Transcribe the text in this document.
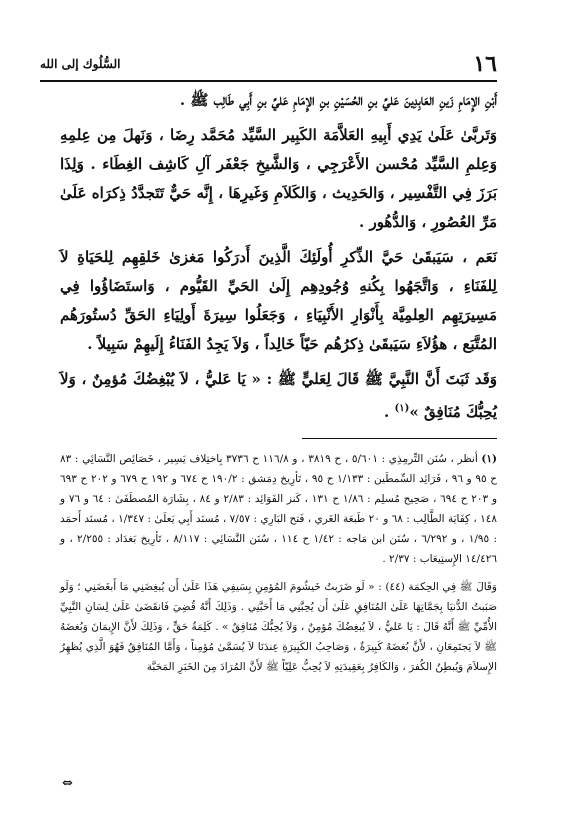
١٦
السُّلُوك إلى الله

أَبْنِ الإِمَامِ زَينِ العَابِدِينَ عَليِّ بنِ الحُسَيْنِ بنِ الإِمَامِ عَليِّ بنِ أَبِي طَالِب ﷺ .

وَتَربَّىٰ عَلَىٰ يَدِي أَبِيهِ العَلاَّمَة الكَبِير السَّيِّد مُحَمَّد رِضَا ، وَنَهلَ مِن عِلمِهِ وَعِلمِ السَّيِّد مُحْسن الأَعْرَجِي ، وَالشَّيخِ جَعْفَر آلِ كَاشِف الغِطَاء . وَلِذَا بَرَزَ فِي التَّفْسِير ، وَالحَدِيث ، وَالكَلاَمِ وَغَيرِهَا ، إِنَّه حَيٌّ تَتَجدَّدُ ذِكرَاه عَلَىٰ مَرِّ العُصُورِ ، وَالدُّهُور .

نَعَم ، سَيَبقَىٰ حَيَّ الذِّكرِ أُولَئِكَ الَّذِينَ أَدرَكُوا مَغزىٰ خَلقِهِم لِلحَيَاةِ لاَ لِلفَنَاءِ ، وَاتَّجَهُوا بِكُنهِ وُجُودِهِم إِلَىٰ الحَيِّ القَيُّوم ، وَاستَضَاؤُوا فِي مَسِيرَتِهِم العِلمِيَّة بِأَنْوَارِ الأَنْبِيَاءِ ، وَجَعَلُوا سِيرَةَ أَولِيَاءِ الحَقِّ دُستُورَهُم المُتَّبَع ، هؤُلاَءِ سَيَبقَىٰ ذِكرُهُم حَيّاً خَالِداً ، وَلاَ يَجِدُ الفَنَاءُ إِلَيهِمْ سَبِيلاً .

وَقَد ثَبَتَ أَنَّ النَّبِيَّ ﷺ قَالَ لِعَليٍّ ﷺ : « يَا عَليُّ ، لاَ يُبْغِضُكَ مُؤمِنٌ ، وَلاَ يُحِبُّكَ مُنَافِقٌ »$^{(١)}$ .

(١) أنظر ، سُنَن التِّرمِذِي : ٥/٦٠١ ، ح ٣٨١٩ ، و ١١٦/٨ ح ٣٧٣٦ بِاختِلاف يَسِير ، خَصَائِص النَّسَائِي : ٨٣ ح ٩٥ و ٩٦ ، فَرَائِد السِّمطَين : ١/١٣٣ ح ٩٥ ، تَأرِيخ دِمَشق : ١٩٠/٢ ح ٦٧٤ و ١٩٢ ح ٦٧٩ و ٢٠٢ ح ٦٩٣ و ٢٠٣ ح ٦٩٤ ، صَحِيح مُسلِم : ١/٨٦ ح ١٣١ ، كَنز الفَوَائِد : ٢/٨٣ و ٨٤ ، بِشَارَة المُصطَفَىٰ : ٦٤ و ٧٦ و ١٤٨ ، كِفَايَة الطَّالِب : ٦٨ و ٢٠ طَبعَة الغَري ، فَتح البَارِي : ٧/٥٧ ، مُسنَد أَبِي يَعلَىٰ : ١/٣٤٧ ، مُسنَد أَحمَد : ١/٩٥ ، و ٦/٢٩٢ ، سُنَن ابن مَاجه : ١/٤٢ ح ١١٤ ، سُنَن النَّسَائِي : ٨/١١٧ ، تَأرِيخ بَغدَاد : ٢/٢٥٥ ، و ١٤/٤٢٦ الإِستِيعَاب : ٢/٣٧ .

وَقَالَ ﷺ فِي الحِكمَة (٤٤) : « لَو ضَرَبتُ خَيشُومَ المُؤمِنِ بِسَيفِي هَذَا عَلَىٰ أَن يُبغِضَنِي مَا أَبغَضَنِي ؛ وَلَو صَبَبتُ الدُّنيَا بِجَمَّاتِهَا عَلَىٰ المُنَافِقِ عَلَىٰ أَن يُحِبَّنِي مَا أَحَبَّنِي . وَذَلِكَ أَنَّهُ قُضِيَ فَانقَضَىٰ عَلَىٰ لِسَانِ النَّبِيِّ الأُمِّيِّ ﷺ أَنَّهُ قَالَ : يَا عَليُّ ، لاَ يُبغِضُكَ مُؤمِنٌ ، وَلاَ يُحِبُّكَ مُنَافِقٌ » . كَلِمَةُ حَقٍّ ، وَذَلِكَ لأَنَّ الإِيمَانَ وَبُغضَهُ ﷺ لاَ يَجتَمِعَانِ ، لأَنَّ بُغضَهُ كَبِيرَةٌ ، وَصَاحِبُ الكَبِيرَةِ عِندَنَا لاَ يُسَمَّىٰ مُؤمِناً ، وَأَمَّا المُنَافِقُ فَهُوَ الَّذِي يُظهِرُ الإِسلاَمَ وَيُبطِنُ الكُفرَ ، وَالكَافِرُ بِعَقِيدَتِهِ لاَ يُحِبُّ عَلِيّاً ﷺ لأَنَّ المُرَادَ مِنَ الخَبَرِ المَحَبَّة

⇔
